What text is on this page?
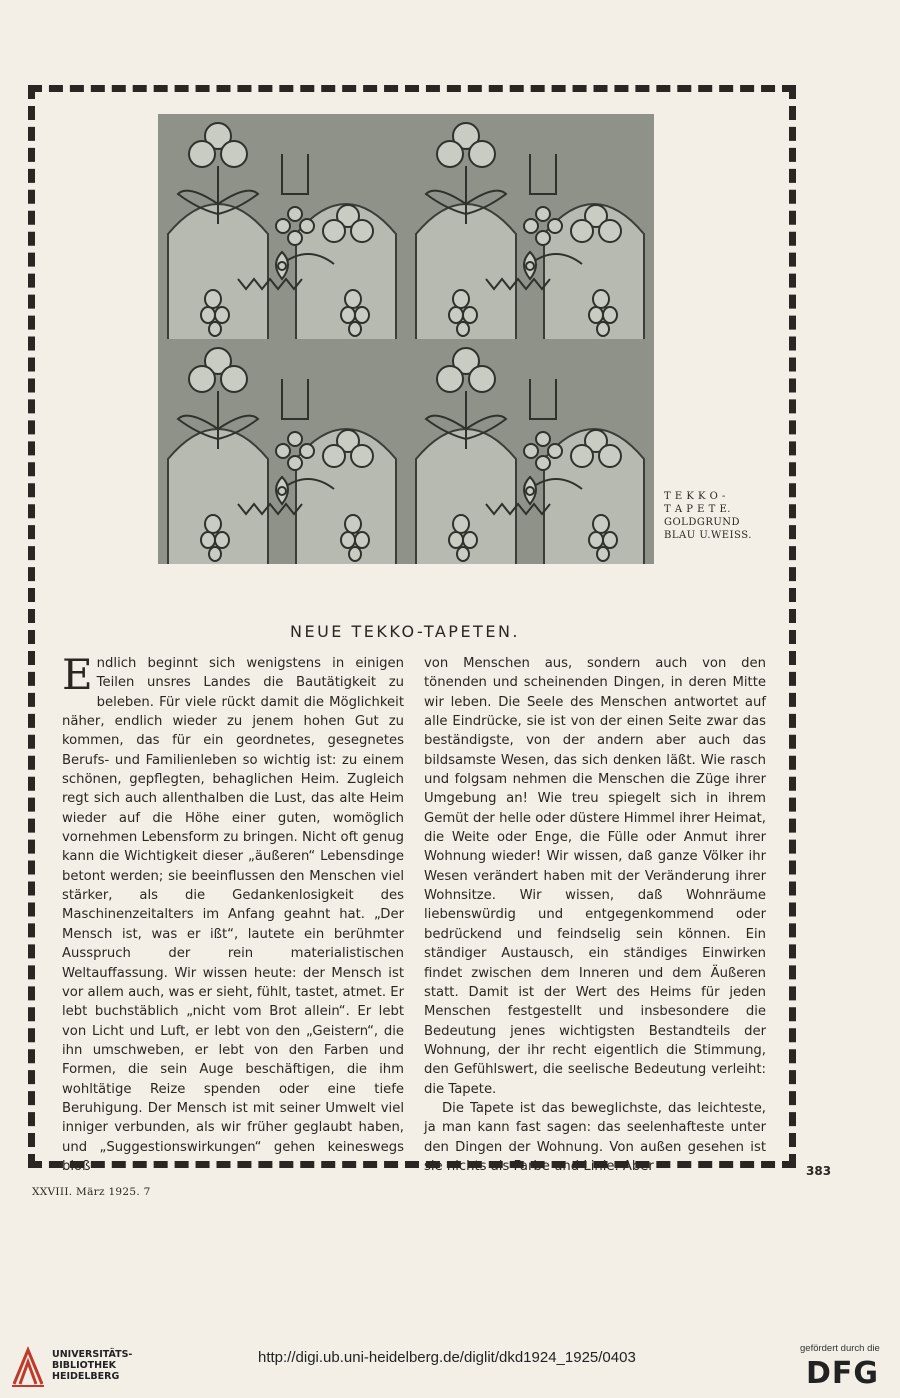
T E K K O -
T A P E T E.
GOLDGRUND
BLAU U.WEISS.
NEUE TEKKO-TAPETEN.
E ndlich beginnt sich wenigstens in einigen Teilen unsres Landes die Bautätigkeit zu beleben. Für viele rückt damit die Möglichkeit näher, endlich wieder zu jenem hohen Gut zu kommen, das für ein geordnetes, gesegnetes Berufs- und Familienleben so wichtig ist: zu einem schönen, gepflegten, behaglichen Heim. Zugleich regt sich auch allenthalben die Lust, das alte Heim wieder auf die Höhe einer guten, womöglich vornehmen Lebensform zu bringen. Nicht oft genug kann die Wichtigkeit dieser „äußeren“ Lebensdinge betont werden; sie beeinflussen den Menschen viel stärker, als die Gedankenlosigkeit des Maschinenzeitalters im Anfang geahnt hat. „Der Mensch ist, was er ißt“, lautete ein berühmter Ausspruch der rein materialistischen Weltauffassung. Wir wissen heute: der Mensch ist vor allem auch, was er sieht, fühlt, tastet, atmet. Er lebt buchstäblich „nicht vom Brot allein“. Er lebt von Licht und Luft, er lebt von den „Geistern“, die ihn umschweben, er lebt von den Farben und Formen, die sein Auge beschäftigen, die ihm wohltätige Reize spenden oder eine tiefe Beruhigung. Der Mensch ist mit seiner Umwelt viel inniger verbunden, als wir früher geglaubt haben, und „Suggestionswirkungen“ gehen keineswegs bloß

von Menschen aus, sondern auch von den tönenden und scheinenden Dingen, in deren Mitte wir leben. Die Seele des Menschen antwortet auf alle Eindrücke, sie ist von der einen Seite zwar das beständigste, von der andern aber auch das bildsamste Wesen, das sich denken läßt. Wie rasch und folgsam nehmen die Menschen die Züge ihrer Umgebung an! Wie treu spiegelt sich in ihrem Gemüt der helle oder düstere Himmel ihrer Heimat, die Weite oder Enge, die Fülle oder Anmut ihrer Wohnung wieder! Wir wissen, daß ganze Völker ihr Wesen verändert haben mit der Veränderung ihrer Wohnsitze. Wir wissen, daß Wohnräume liebenswürdig und entgegenkommend oder bedrückend und feindselig sein können. Ein ständiger Austausch, ein ständiges Einwirken findet zwischen dem Inneren und dem Äußeren statt. Damit ist der Wert des Heims für jeden Menschen festgestellt und insbesondere die Bedeutung jenes wichtigsten Bestandteils der Wohnung, der ihr recht eigentlich die Stimmung, den Gefühlswert, die seelische Bedeutung verleiht: die Tapete.

Die Tapete ist das beweglichste, das leichteste, ja man kann fast sagen: das seelenhafteste unter den Dingen der Wohnung. Von außen gesehen ist sie nichts als Farbe und Linie. Aber	383
XXVIII. März 1925. 7
UNIVERSITÄTS-
BIBLIOTHEK
HEIDELBERG
http://digi.ub.uni-heidelberg.de/diglit/dkd1924_1925/0403
gefördert durch die
DFG
